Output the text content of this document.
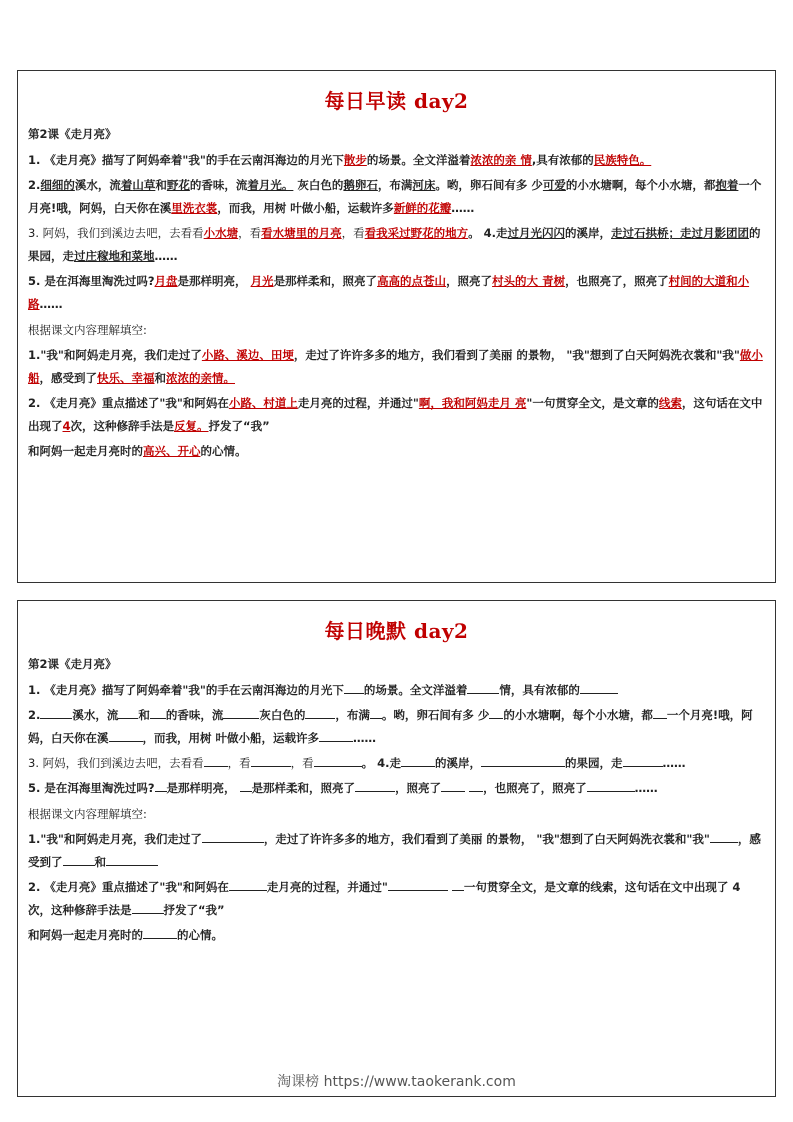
每日早读 day2
第2课《走月亮》
1. 《走月亮》描写了阿妈牵着"我"的手在云南洱海边的月光下散步的场景。全文洋溢着浓浓的亲 情,具有浓郁的民族特色。
2.细细的溪水，流着山草和野花的香味，流着月光。 灰白色的鹅卵石，布满河床。哟，卵石间有多 少可爱的小水塘啊，每个小水塘，都抱着一个月亮!哦，阿妈，白天你在溪里洗衣裳，而我，用树 叶做小船，运载许多新鲜的花瓣……
3. 阿妈，我们到溪边去吧，去看看小水塘，看看水塘里的月亮，看看我采过野花的地方。 4.走过月光闪闪的溪岸，走过石拱桥；走过月影团团的果园，走过庄稼地和菜地……
5. 是在洱海里淘洗过吗?月盘是那样明亮， 月光是那样柔和，照亮了高高的点苍山，照亮了村头的大 青树，也照亮了，照亮了村间的大道和小路……
根据课文内容理解填空:
1."我"和阿妈走月亮，我们走过了小路、溪边、田埂，走过了许许多多的地方，我们看到了美丽 的景物， "我"想到了白天阿妈洗衣裳和"我"做小船，感受到了快乐、幸福和浓浓的亲情。
2. 《走月亮》重点描述了"我"和阿妈在小路、村道上走月亮的过程，并通过"啊，我和阿妈走月 亮"一句贯穿全文，是文章的线索，这句话在文中出现了4次，这种修辞手法是反复。抒发了“我”
和阿妈一起走月亮时的高兴、开心的心情。
每日晚默 day2
第2课《走月亮》
1. 《走月亮》描写了阿妈牵着"我"的手在云南洱海边的月光下 的场景。全文洋溢着	情，具有浓郁的
2.	溪水，流 和 的香味，流	灰白色的	，布满 。哟，卵石间有多 少 的小水塘啊，每个小水塘，都 一个月亮!哦，阿妈，白天你在溪	，而我，用树 叶做小船，运载许多	……
3. 阿妈，我们到溪边去吧，去看看 ，看	，看	。 4.走	的溪岸，	的果园，走	……
5. 是在洱海里淘洗过吗? 是那样明亮， 是那样柔和，照亮了	，照亮了	，也照亮了，照亮了	……
根据课文内容理解填空:
1."我"和阿妈走月亮，我们走过了	，走过了许许多多的地方，我们看到了美丽 的景物， "我"想到了白天阿妈洗衣裳和"我" ，感受到了	和
2. 《走月亮》重点描述了"我"和阿妈在	走月亮的过程，并通过"	一句贯穿全文，是文章的线索，这句话在文中出现了 4 次，这种修辞手法是	抒发了“我”
和阿妈一起走月亮时的	的心情。
淘课榜 https://www.taokerank.com
